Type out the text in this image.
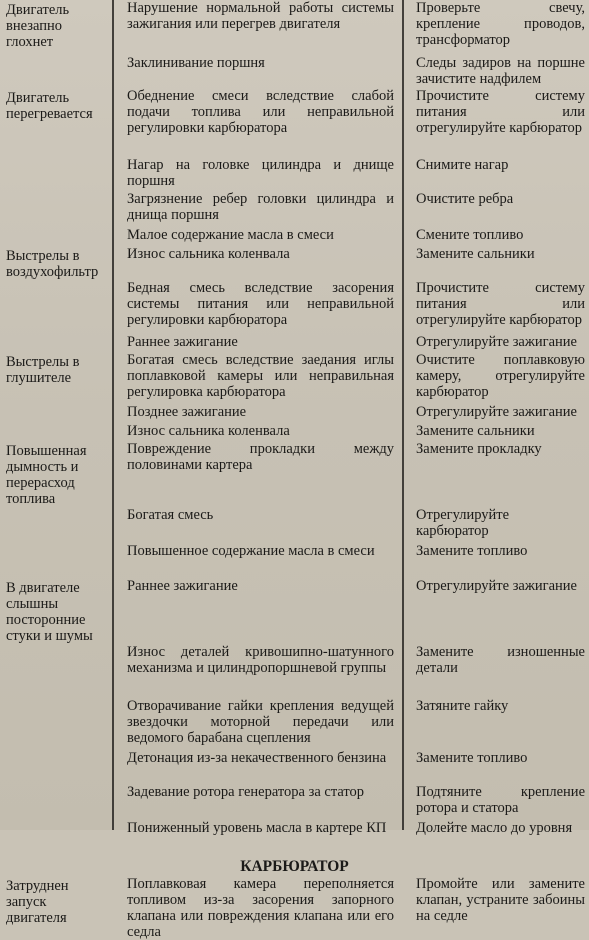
Двигатель внезапно глохнет	Нарушение нормальной работы системы зажигания или перегрев двигателя	Проверьте свечу, крепление проводов, трансформатор
	Заклинивание поршня	Следы задиров на поршне зачистите надфилем
Двигатель перегревается	Обеднение смеси вследствие слабой подачи топлива или неправильной регулировки карбюратора	Прочистите систему питания или отрегулируйте карбюратор
	Нагар на головке цилиндра и днище поршня	Снимите нагар
	Загрязнение ребер головки цилиндра и днища поршня	Очистите ребра
	Малое содержание масла в смеси	Смените топливо
Выстрелы в воздухофильтр	Износ сальника коленвала	Замените сальники
	Бедная смесь вследствие засорения системы питания или неправильной регулировки карбюратора	Прочистите систему питания или отрегулируйте карбюратор
	Раннее зажигание	Отрегулируйте зажигание
Выстрелы в глушителе	Богатая смесь вследствие заедания иглы поплавковой камеры или неправильная регулировка карбюратора	Очистите поплавковую камеру, отрегулируйте карбюратор
	Позднее зажигание	Отрегулируйте зажигание
	Износ сальника коленвала	Замените сальники
Повышенная дымность и перерасход топлива	Повреждение прокладки между половинами картера	Замените прокладку
	Богатая смесь	Отрегулируйте карбюратор
	Повышенное содержание масла в смеси	Замените топливо
В двигателе слышны посторонние стуки и шумы	Раннее зажигание	Отрегулируйте зажигание
	Износ деталей кривошипно-шатунного механизма и цилиндропоршневой группы	Замените изношенные детали
	Отворачивание гайки крепления ведущей звездочки моторной передачи или ведомого барабана сцепления	Затяните гайку
	Детонация из-за некачественного бензина	Замените топливо
	Задевание ротора генератора за статор	Подтяните крепление ротора и статора
	Пониженный уровень масла в картере КП	Долейте масло до уровня
КАРБЮРАТОР		
Затруднен запуск двигателя	Поплавковая камера переполняется топливом из-за засорения запорного клапана или повреждения клапана или его седла	Промойте или замените клапан, устраните забоины на седле
